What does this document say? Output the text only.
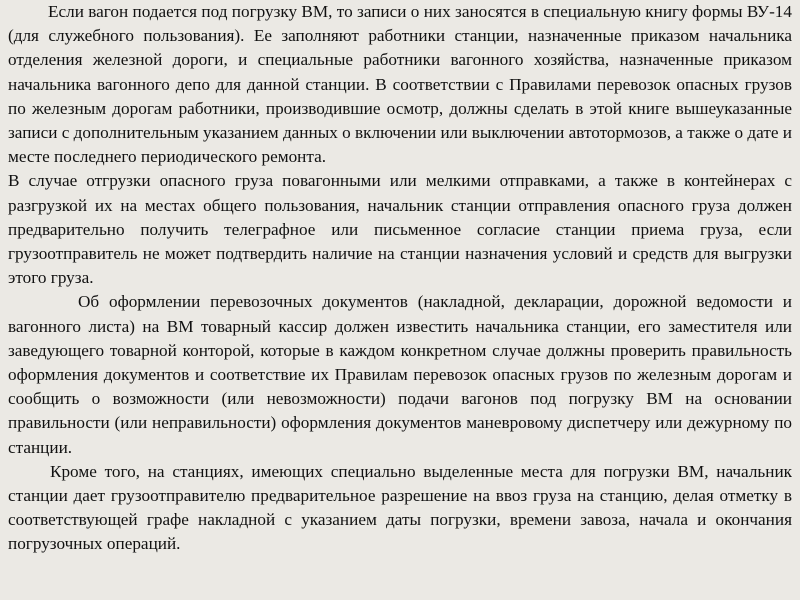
Если вагон подается под погрузку ВМ, то записи о них заносятся в специальную книгу формы ВУ-14 (для служебного пользования). Ее заполняют работники станции, назначенные приказом начальника отделения железной дороги, и специальные работники вагонного хозяйства, назначенные приказом начальника вагонного депо для данной станции. В соответствии с Правилами перевозок опасных грузов по железным дорогам работники, производившие осмотр, должны сделать в этой книге вышеуказанные записи с дополнительным указанием данных о включении или выключении автотормозов, а также о дате и месте последнего периодического ремонта.

В случае отгрузки опасного груза повагонными или мелкими отправками, а также в контейнерах с разгрузкой их на местах общего пользования, начальник станции отправления опасного груза должен предварительно получить телеграфное или письменное согласие станции приема груза, если грузоотправитель не может подтвердить наличие на станции назначения условий и средств для выгрузки этого груза.

Об оформлении перевозочных документов (накладной, декларации, дорожной ведомости и вагонного листа) на ВМ товарный кассир должен известить начальника станции, его заместителя или заведующего товарной конторой, которые в каждом конкретном случае должны проверить правильность оформления документов и соответствие их Правилам перевозок опасных грузов по железным дорогам и сообщить о возможности (или невозможности) подачи вагонов под погрузку ВМ на основании правильности (или неправильности) оформления документов маневровому диспетчеру или дежурному по станции.

Кроме того, на станциях, имеющих специально выделенные места для погрузки ВМ, начальник станции дает грузоотправителю предварительное разрешение на ввоз груза на станцию, делая отметку в соответствующей графе накладной с указанием даты погрузки, времени завоза, начала и окончания погрузочных операций.
